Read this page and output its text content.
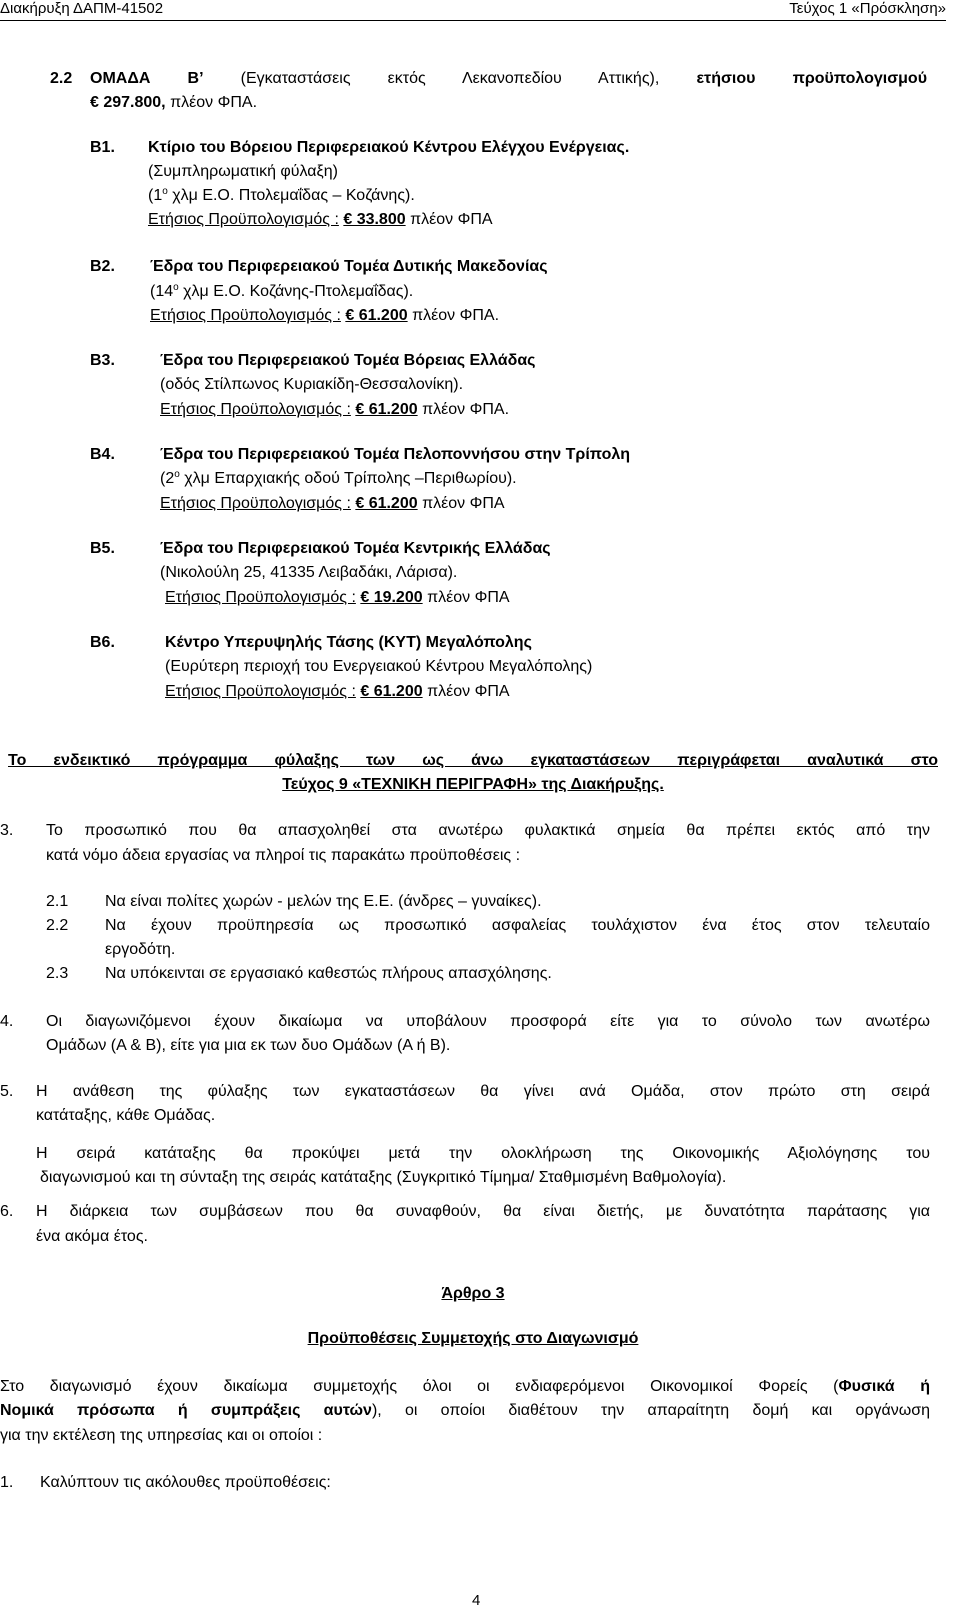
Διακήρυξη ΔΑΠΜ-41502	Τεύχος 1 «Πρόσκληση»
2.2 ΟΜΑΔΑ Β’ (Εγκαταστάσεις εκτός Λεκανοπεδίου Αττικής), ετήσιου προϋπολογισμού
€ 297.800, πλέον ΦΠΑ.
Β1. Κτίριο του Βόρειου Περιφερειακού Κέντρου Ελέγχου Ενέργειας.
(Συμπληρωματική φύλαξη)
($1^o$ χλμ Ε.Ο. Πτολεμαΐδας – Κοζάνης).
Ετήσιος Προϋπολογισμός : € 33.800 πλέον ΦΠΑ
Β2. Έδρα του Περιφερειακού Τομέα Δυτικής Μακεδονίας
($14^o$ χλμ Ε.Ο. Κοζάνης-Πτολεμαΐδας).
Ετήσιος Προϋπολογισμός : € 61.200 πλέον ΦΠΑ.
Β3.	Έδρα του Περιφερειακού Τομέα Βόρειας Ελλάδας
(οδός Στίλπωνος Κυριακίδη-Θεσσαλονίκη).
Ετήσιος Προϋπολογισμός : € 61.200 πλέον ΦΠΑ.
Β4.	Έδρα του Περιφερειακού Τομέα Πελοποννήσου στην Τρίπολη
($2^o$ χλμ Επαρχιακής οδού Τρίπολης –Περιθωρίου).
Ετήσιος Προϋπολογισμός : € 61.200 πλέον ΦΠΑ
Β5.	Έδρα του Περιφερειακού Τομέα Κεντρικής Ελλάδας
(Νικολούλη 25, 41335 Λειβαδάκι, Λάρισα).
Ετήσιος Προϋπολογισμός : € 19.200 πλέον ΦΠΑ
Β6.	Κέντρο Υπερυψηλής Τάσης (ΚΥΤ) Μεγαλόπολης
(Ευρύτερη περιοχή του Ενεργειακού Κέντρου Μεγαλόπολης)
Ετήσιος Προϋπολογισμός : € 61.200 πλέον ΦΠΑ
Το ενδεικτικό πρόγραμμα φύλαξης των ως άνω εγκαταστάσεων περιγράφεται αναλυτικά στο
Τεύχος 9 «ΤΕΧΝΙΚΗ ΠΕΡΙΓΡΑΦΗ» της Διακήρυξης.
3. Το προσωπικό που θα απασχοληθεί στα ανωτέρω φυλακτικά σημεία θα πρέπει εκτός από την
κατά νόμο άδεια εργασίας να πληροί τις παρακάτω προϋποθέσεις :
2.1 Να είναι πολίτες χωρών - μελών της Ε.Ε. (άνδρες – γυναίκες).
2.2 Να έχουν προϋπηρεσία ως προσωπικό ασφαλείας τουλάχιστον ένα έτος στον τελευταίο
εργοδότη.
2.3 Να υπόκεινται σε εργασιακό καθεστώς πλήρους απασχόλησης.
4. Οι διαγωνιζόμενοι έχουν δικαίωμα να υποβάλουν προσφορά είτε για το σύνολο των ανωτέρω
Ομάδων (Α & Β), είτε για μια εκ των δυο Ομάδων (Α ή Β).
5. Η ανάθεση της φύλαξης των εγκαταστάσεων θα γίνει ανά Ομάδα, στον πρώτο στη σειρά
κατάταξης, κάθε Ομάδας.
Η σειρά κατάταξης θα προκύψει μετά την ολοκλήρωση της Οικονομικής Αξιολόγησης του
διαγωνισμού και τη σύνταξη της σειράς κατάταξης (Συγκριτικό Τίμημα/ Σταθμισμένη Βαθμολογία).
6. Η διάρκεια των συμβάσεων που θα συναφθούν, θα είναι διετής, με δυνατότητα παράτασης για
ένα ακόμα έτος.
Άρθρο 3
Προϋποθέσεις Συμμετοχής στο Διαγωνισμό
Στο διαγωνισμό έχουν δικαίωμα συμμετοχής όλοι οι ενδιαφερόμενοι Οικονομικοί Φορείς (Φυσικά ή
Νομικά πρόσωπα ή συμπράξεις αυτών), οι οποίοι διαθέτουν την απαραίτητη δομή και οργάνωση
για την εκτέλεση της υπηρεσίας και οι οποίοι :
1. Καλύπτουν τις ακόλουθες προϋποθέσεις:
4
